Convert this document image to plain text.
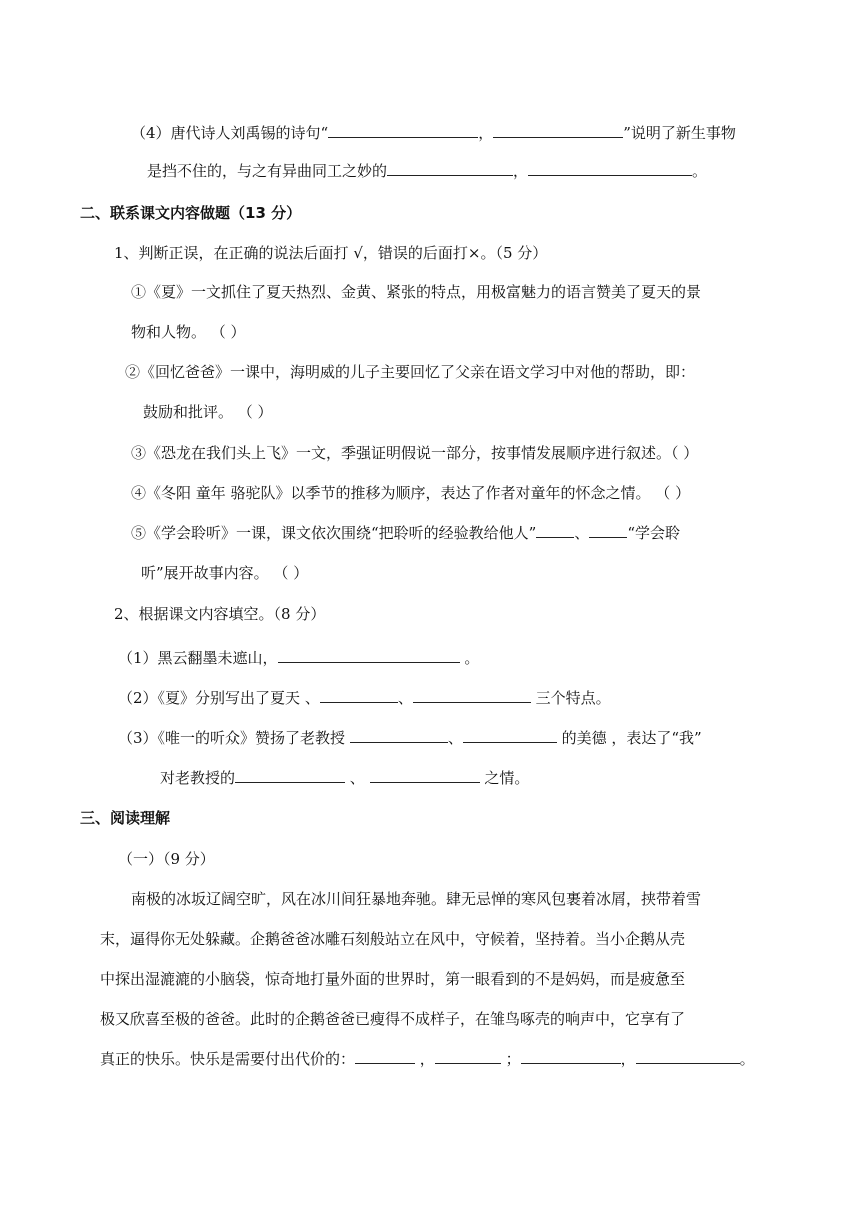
（4）唐代诗人刘禹锡的诗句“	，	”说明了新生事物
是挡不住的，与之有异曲同工之妙的	，	。
二、联系课文内容做题（13 分）
1、判断正误，在正确的说法后面打 √，错误的后面打×。（5 分）
①《夏》一文抓住了夏天热烈、金黄、紧张的特点，用极富魅力的语言赞美了夏天的景
物和人物。 （ ）
②《回忆爸爸》一课中，海明威的儿子主要回忆了父亲在语文学习中对他的帮助，即：
鼓励和批评。 （ ）
③《恐龙在我们头上飞》一文，季强证明假说一部分，按事情发展顺序进行叙述。（ ）
④《冬阳 童年 骆驼队》以季节的推移为顺序，表达了作者对童年的怀念之情。 （ ）
⑤《学会聆听》一课，课文依次围绕“把聆听的经验教给他人”	、	“学会聆
听”展开故事内容。 （ ）
2、根据课文内容填空。（8 分）
（1）黑云翻墨未遮山，	。
（2）《夏》分别写出了夏天 、	、	三个特点。
（3）《唯一的听众》赞扬了老教授	、	的美德 ，表达了“我”
对老教授的	、	之情。
三、阅读理解
（一）（9 分）
南极的冰坂辽阔空旷，风在冰川间狂暴地奔驰。肆无忌惮的寒风包裹着冰屑，挟带着雪
末，逼得你无处躲藏。企鹅爸爸冰雕石刻般站立在风中，守候着，坚持着。当小企鹅从壳
中探出湿漉漉的小脑袋，惊奇地打量外面的世界时，第一眼看到的不是妈妈，而是疲惫至
极又欣喜至极的爸爸。此时的企鹅爸爸已瘦得不成样子，在雏鸟啄壳的响声中，它享有了
真正的快乐。快乐是需要付出代价的：	，	；	，	。
